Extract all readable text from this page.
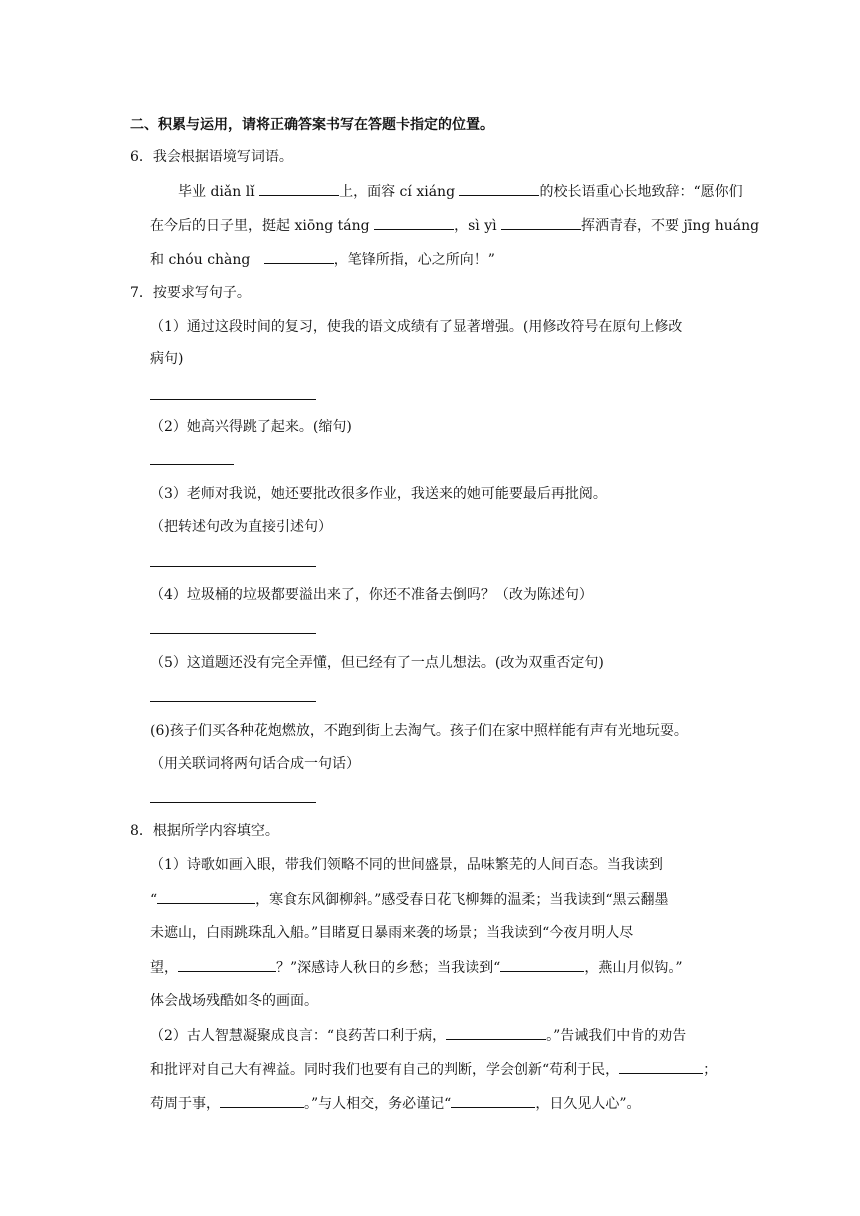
二、积累与运用，请将正确答案书写在答题卡指定的位置。
6．我会根据语境写词语。
毕业 diǎn lǐ	上，面容 cí xiáng	的校长语重心长地致辞：“愿你们
在今后的日子里，挺起 xiōng táng	，sì yì	挥洒青春，不要 jīng huáng
和 chóu chàng	，笔锋所指，心之所向！”
7．按要求写句子。
（1）通过这段时间的复习，使我的语文成绩有了显著增强。(用修改符号在原句上修改
病句)
（2）她高兴得跳了起来。(缩句)
（3）老师对我说，她还要批改很多作业，我送来的她可能要最后再批阅。
（把转述句改为直接引述句）
（4）垃圾桶的垃圾都要溢出来了，你还不准备去倒吗？（改为陈述句）
（5）这道题还没有完全弄懂，但已经有了一点儿想法。(改为双重否定句)
(6)孩子们买各种花炮燃放，不跑到街上去淘气。孩子们在家中照样能有声有光地玩耍。
（用关联词将两句话合成一句话）
8．根据所学内容填空。
（1）诗歌如画入眼，带我们领略不同的世间盛景，品味繁芜的人间百态。当我读到
“	，寒食东风御柳斜。”感受春日花飞柳舞的温柔；当我读到“黑云翻墨
未遮山，白雨跳珠乱入船。”目睹夏日暴雨来袭的场景；当我读到“今夜月明人尽
望，	？”深感诗人秋日的乡愁；当我读到“	，燕山月似钩。”
体会战场残酷如冬的画面。
（2）古人智慧凝聚成良言：“良药苦口利于病，	。”告诫我们中肯的劝告
和批评对自己大有裨益。同时我们也要有自己的判断，学会创新“苟利于民，	；
苟周于事，	。”与人相交，务必谨记“	，日久见人心”。
